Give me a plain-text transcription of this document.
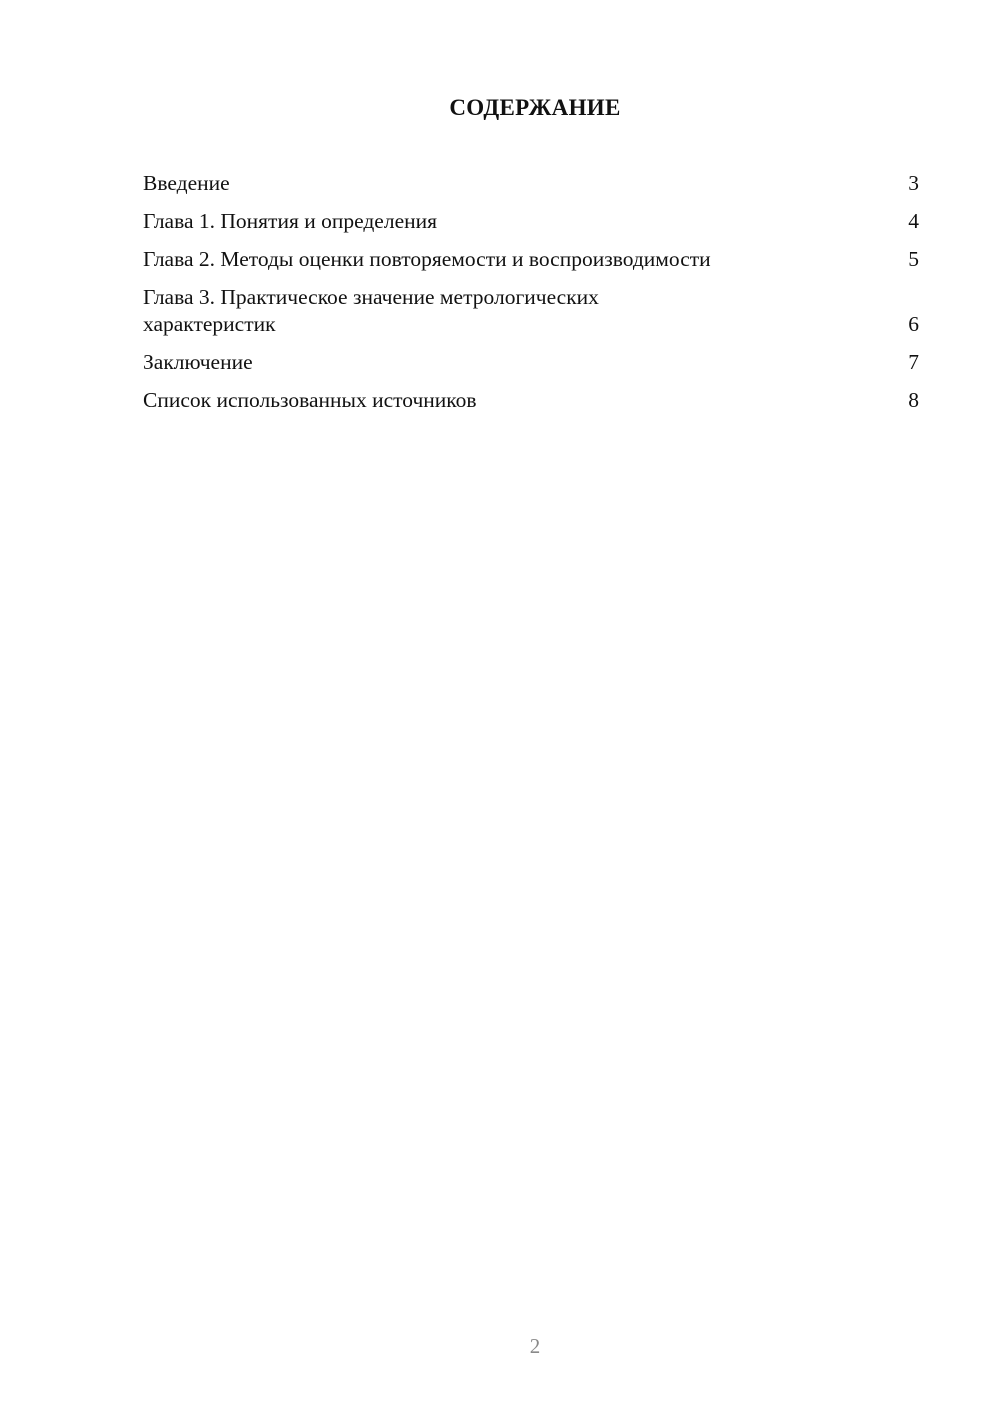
СОДЕРЖАНИЕ
Введение	3
Глава 1. Понятия и определения	4
Глава 2. Методы оценки повторяемости и воспроизводимости	5
Глава 3. Практическое значение метрологических характеристик	6
Заключение	7
Список использованных источников	8
2
